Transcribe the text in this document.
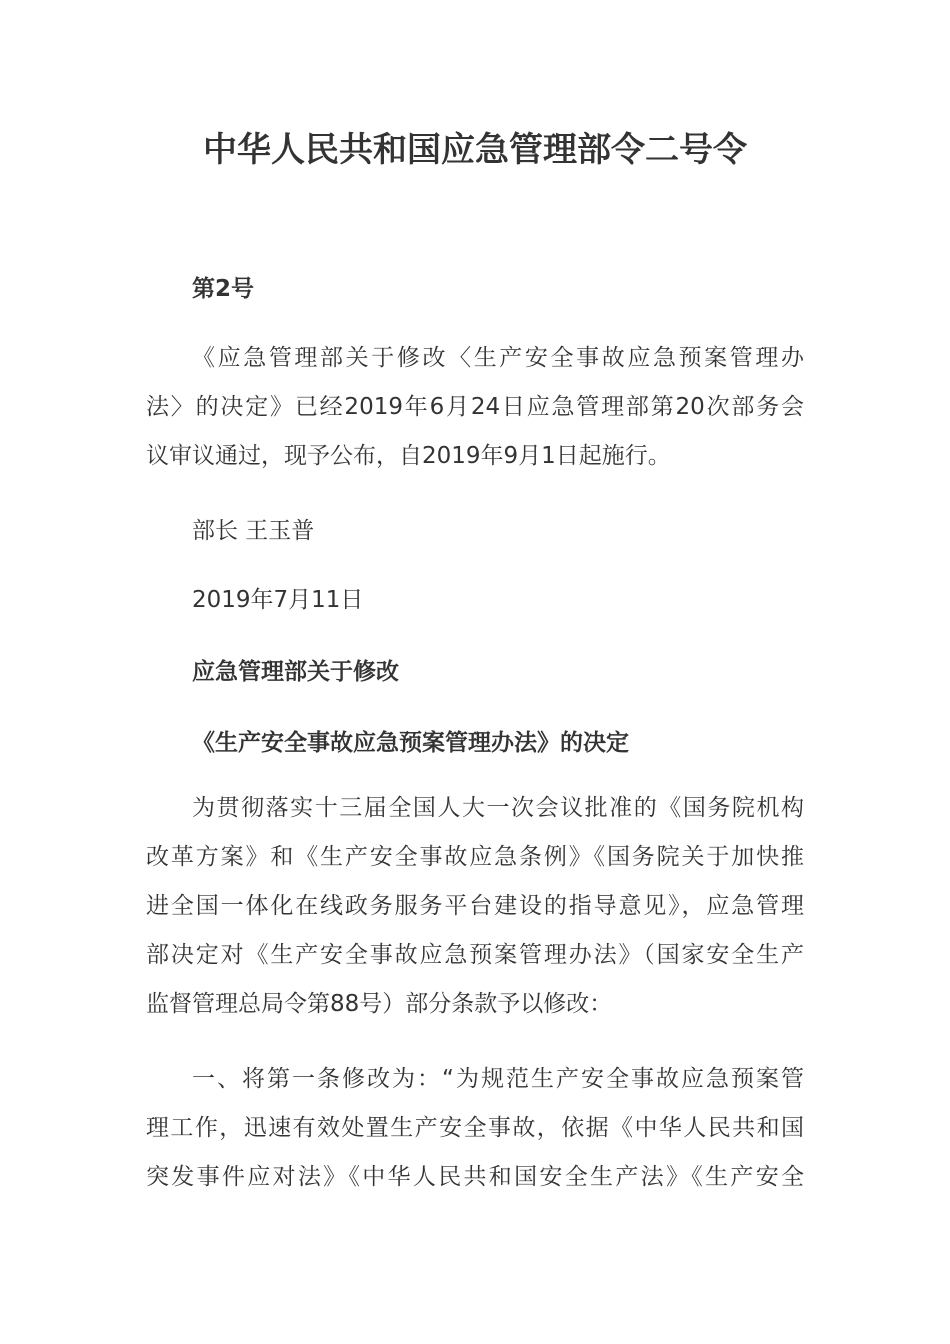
中华人民共和国应急管理部令二号令
第2号
《应急管理部关于修改〈生产安全事故应急预案管理办
法〉的决定》已经2019年6月24日应急管理部第20次部务会
议审议通过，现予公布，自2019年9月1日起施行。
部长 王玉普
2019年7月11日
应急管理部关于修改
《生产安全事故应急预案管理办法》的决定
为贯彻落实十三届全国人大一次会议批准的《国务院机构
改革方案》和《生产安全事故应急条例》《国务院关于加快推
进全国一体化在线政务服务平台建设的指导意见》，应急管理
部决定对《生产安全事故应急预案管理办法》（国家安全生产
监督管理总局令第88号）部分条款予以修改：
一、将第一条修改为：“为规范生产安全事故应急预案管
理工作，迅速有效处置生产安全事故，依据《中华人民共和国
突发事件应对法》《中华人民共和国安全生产法》《生产安全
